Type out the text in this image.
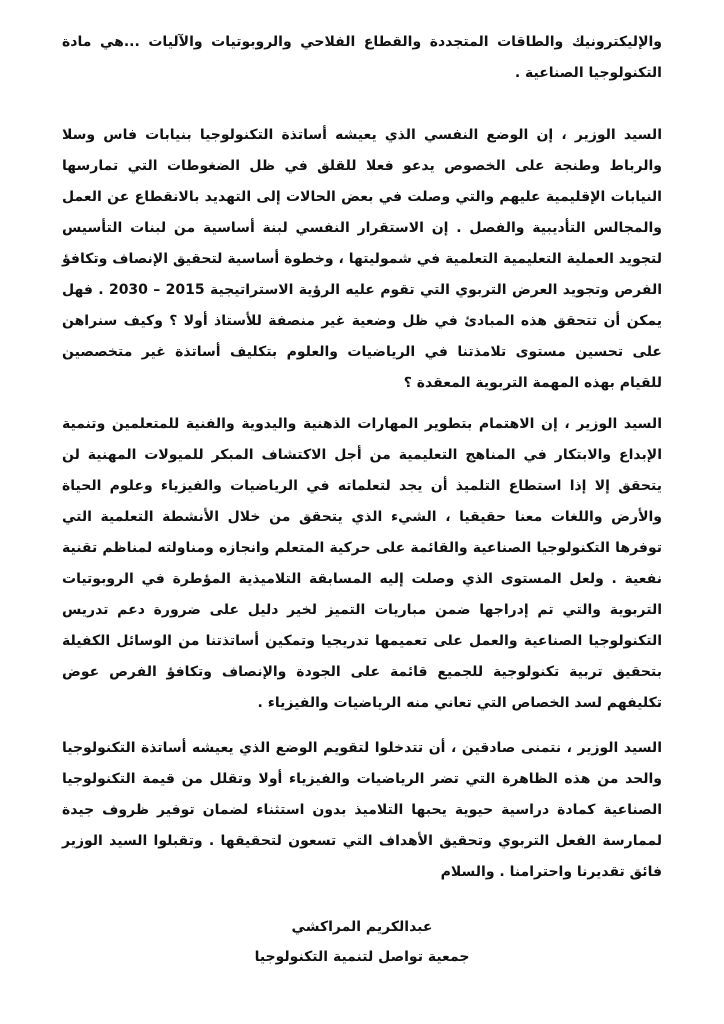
والإليكترونيك والطاقات المتجددة والقطاع الفلاحي والروبوتيات والآليات ...هي مادة التكنولوجيا الصناعية .

السيد الوزير ، إن الوضع النفسي الذي يعيشه أساتذة التكنولوجيا بنيابات فاس وسلا والرباط وطنجة على الخصوص يدعو فعلا للقلق في ظل الضغوطات التي تمارسها النيابات الإقليمية عليهم والتي وصلت في بعض الحالات إلى التهديد بالانقطاع عن العمل والمجالس التأديبية والفصل . إن الاستقرار النفسي لبنة أساسية من لبنات التأسيس لتجويد العملية التعليمية التعلمية في شموليتها ، وخطوة أساسية لتحقيق الإنصاف وتكافؤ الفرص وتجويد العرض التربوي التي تقوم عليه الرؤية الاستراتيجية 2015 – 2030 . فهل يمكن أن تتحقق هذه المبادئ في ظل وضعية غير منصفة للأستاذ أولا ؟ وكيف سنراهن على تحسين مستوى تلامذتنا في الرياضيات والعلوم بتكليف أساتذة غير متخصصين للقيام بهذه المهمة التربوية المعقدة ؟

السيد الوزير ، إن الاهتمام بتطوير المهارات الذهنية واليدوية والفنية للمتعلمين وتنمية الإبداع والابتكار في المناهج التعليمية من أجل الاكتشاف المبكر للميولات المهنية لن يتحقق إلا إذا استطاع التلميذ أن يجد لتعلماته في الرياضيات والفيزياء وعلوم الحياة والأرض واللغات معنا حقيقيا ، الشيء الذي يتحقق من خلال الأنشطة التعلمية التي توفرها التكنولوجيا الصناعية والقائمة على حركية المتعلم وانجازه ومناولته لمناظم تقنية نفعية . ولعل المستوى الذي وصلت إليه المسابقة التلاميذية المؤطرة في الروبوتيات التربوية والتي تم إدراجها ضمن مباريات التميز لخير دليل على ضرورة دعم تدريس التكنولوجيا الصناعية والعمل على تعميمها تدريجيا وتمكين أساتذتنا من الوسائل الكفيلة بتحقيق تربية تكنولوجية للجميع قائمة على الجودة والإنصاف وتكافؤ الفرص عوض تكليفهم لسد الخصاص التي تعاني منه الرياضيات والفيزياء .

السيد الوزير ، نتمنى صادقين ، أن تتدخلوا لتقويم الوضع الذي يعيشه أساتذة التكنولوجيا والحد من هذه الظاهرة التي تضر الرياضيات والفيزياء أولا وتقلل من قيمة التكنولوجيا الصناعية كمادة دراسية حيوية يحبها التلاميذ بدون استثناء لضمان توفير ظروف جيدة لممارسة الفعل التربوي وتحقيق الأهداف التي تسعون لتحقيقها . وتقبلوا السيد الوزير فائق تقديرنا واحترامنا . والسلام

عبدالكريم المراكشي
جمعية تواصل لتنمية التكنولوجيا
